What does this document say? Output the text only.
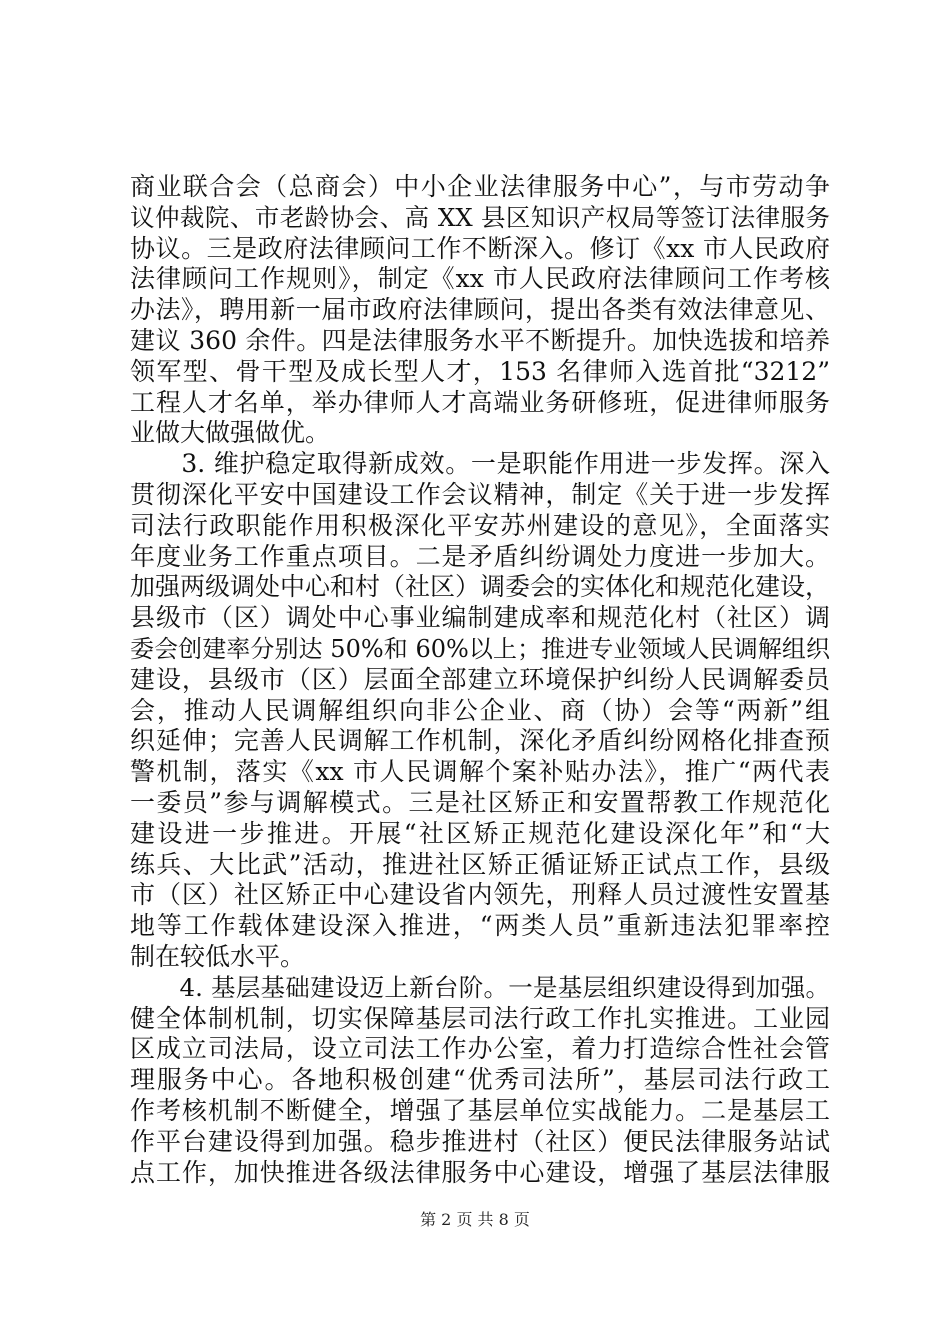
商业联合会（总商会）中小企业法律服务中心”，与市劳动争
议仲裁院、市老龄协会、高 XX 县区知识产权局等签订法律服务
协议。三是政府法律顾问工作不断深入。修订《xx 市人民政府
法律顾问工作规则》，制定《xx 市人民政府法律顾问工作考核
办法》，聘用新一届市政府法律顾问，提出各类有效法律意见、
建议 360 余件。四是法律服务水平不断提升。加快选拔和培养
领军型、骨干型及成长型人才，153 名律师入选首批“3212”
工程人才名单，举办律师人才高端业务研修班，促进律师服务
业做大做强做优。
　　3. 维护稳定取得新成效。一是职能作用进一步发挥。深入
贯彻深化平安中国建设工作会议精神，制定《关于进一步发挥
司法行政职能作用积极深化平安苏州建设的意见》，全面落实
年度业务工作重点项目。二是矛盾纠纷调处力度进一步加大。
加强两级调处中心和村（社区）调委会的实体化和规范化建设，
县级市（区）调处中心事业编制建成率和规范化村（社区）调
委会创建率分别达 50%和 60%以上；推进专业领域人民调解组织
建设，县级市（区）层面全部建立环境保护纠纷人民调解委员
会，推动人民调解组织向非公企业、商（协）会等“两新”组
织延伸；完善人民调解工作机制，深化矛盾纠纷网格化排查预
警机制，落实《xx 市人民调解个案补贴办法》，推广“两代表
一委员”参与调解模式。三是社区矫正和安置帮教工作规范化
建设进一步推进。开展“社区矫正规范化建设深化年”和“大
练兵、大比武”活动，推进社区矫正循证矫正试点工作，县级
市（区）社区矫正中心建设省内领先，刑释人员过渡性安置基
地等工作载体建设深入推进，“两类人员”重新违法犯罪率控
制在较低水平。
　　4. 基层基础建设迈上新台阶。一是基层组织建设得到加强。
健全体制机制，切实保障基层司法行政工作扎实推进。工业园
区成立司法局，设立司法工作办公室，着力打造综合性社会管
理服务中心。各地积极创建“优秀司法所”，基层司法行政工
作考核机制不断健全，增强了基层单位实战能力。二是基层工
作平台建设得到加强。稳步推进村（社区）便民法律服务站试
点工作，加快推进各级法律服务中心建设，增强了基层法律服
第 2 页 共 8 页
